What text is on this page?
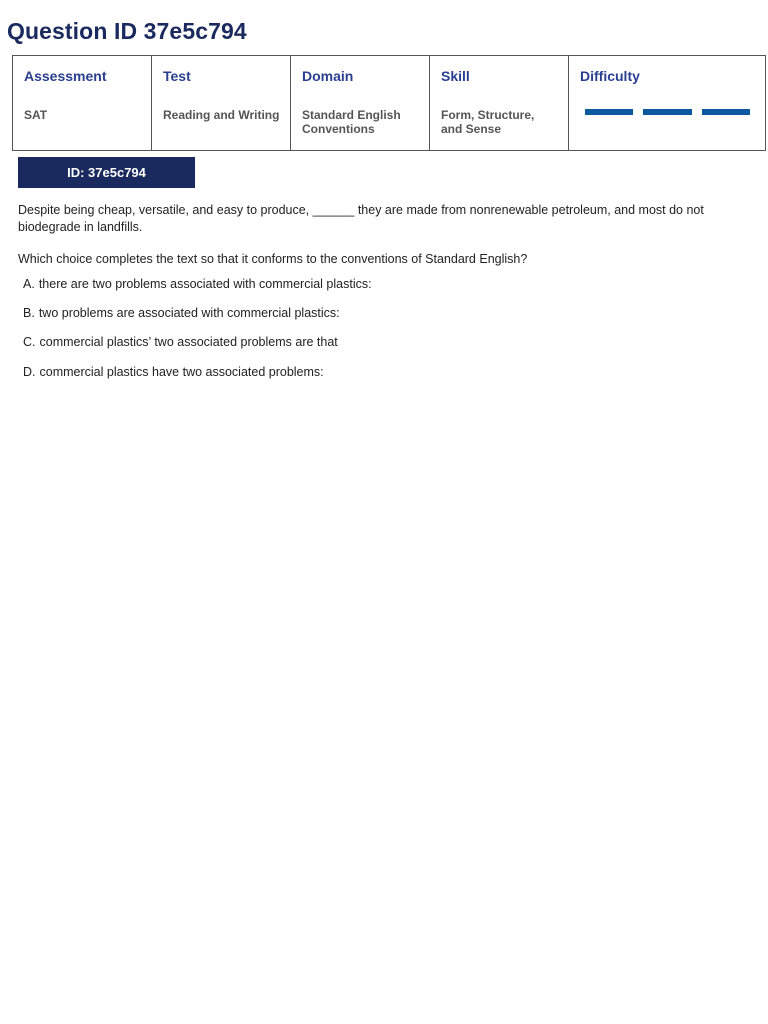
Question ID 37e5c794
Assessment
SAT
Test
Reading and Writing
Domain
Standard English Conventions
Skill
Form, Structure, and Sense
Difficulty
ID: 37e5c794

Despite being cheap, versatile, and easy to produce, ______ they are made from nonrenewable petroleum, and most do not biodegrade in landfills.

Which choice completes the text so that it conforms to the conventions of Standard English?

A. there are two problems associated with commercial plastics:
B. two problems are associated with commercial plastics:
C. commercial plastics’ two associated problems are that
D. commercial plastics have two associated problems:
